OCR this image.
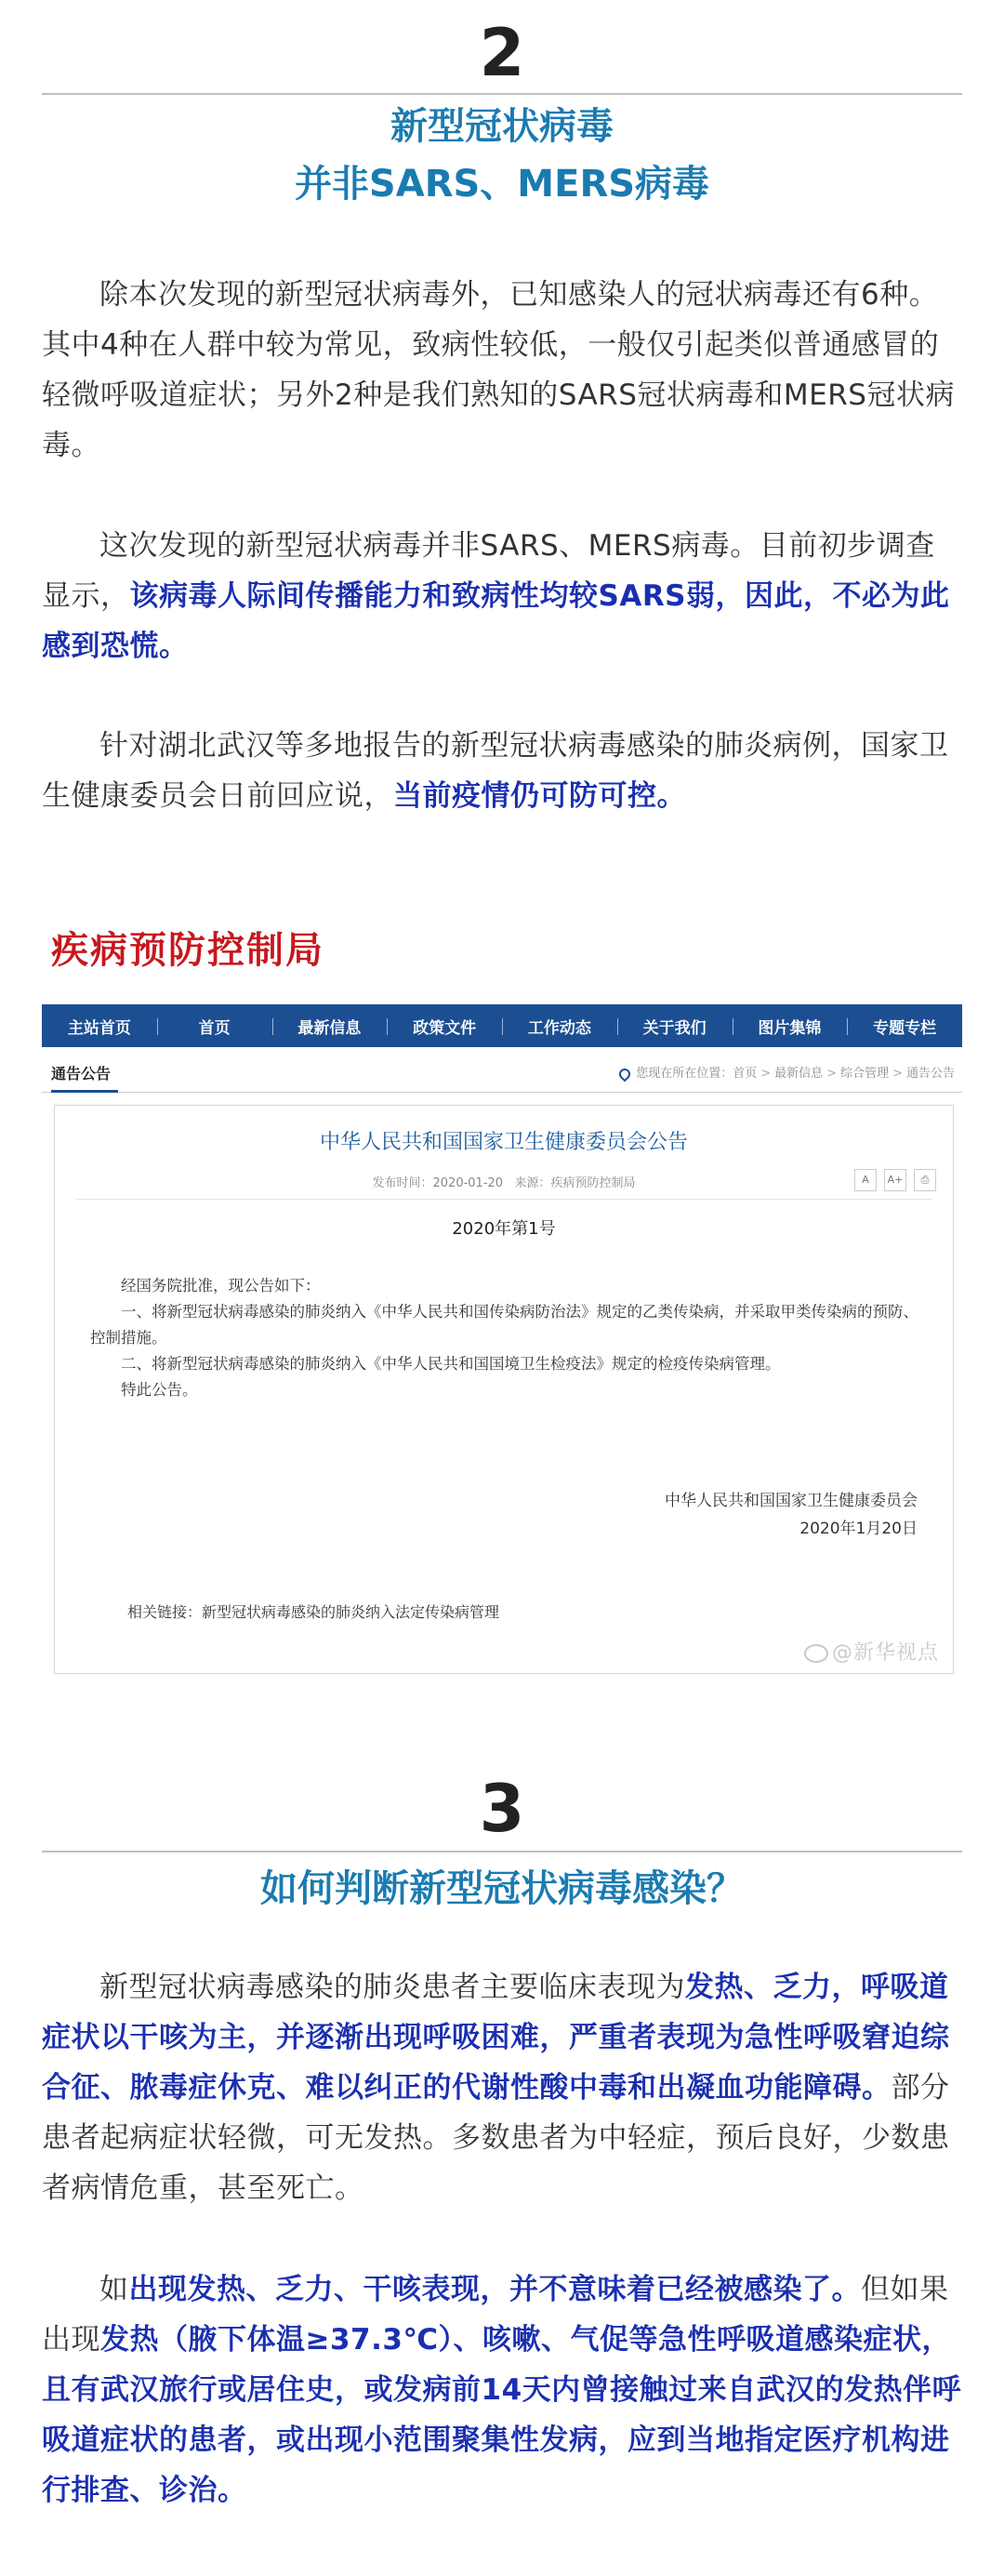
2
新型冠状病毒
并非SARS、MERS病毒
除本次发现的新型冠状病毒外，已知感染人的冠状病毒还有6种。其中4种在人群中较为常见，致病性较低，一般仅引起类似普通感冒的轻微呼吸道症状；另外2种是我们熟知的SARS冠状病毒和MERS冠状病毒。
这次发现的新型冠状病毒并非SARS、MERS病毒。目前初步调查显示，该病毒人际间传播能力和致病性均较SARS弱，因此，不必为此感到恐慌。
针对湖北武汉等多地报告的新型冠状病毒感染的肺炎病例，国家卫生健康委员会日前回应说，当前疫情仍可防可控。
疾病预防控制局
主站首页	首页	最新信息	政策文件	工作动态	关于我们	图片集锦	专题专栏
通告公告	您现在所在位置：首页 > 最新信息 > 综合管理 > 通告公告
中华人民共和国国家卫生健康委员会公告
发布时间：2020-01-20 来源：疾病预防控制局	A	A+	⎙
2020年第1号

经国务院批准，现公告如下：

一、将新型冠状病毒感染的肺炎纳入《中华人民共和国传染病防治法》规定的乙类传染病，并采取甲类传染病的预防、控制措施。

二、将新型冠状病毒感染的肺炎纳入《中华人民共和国国境卫生检疫法》规定的检疫传染病管理。

特此公告。

中华人民共和国国家卫生健康委员会
2020年1月20日
相关链接：新型冠状病毒感染的肺炎纳入法定传染病管理
@新华视点
3
如何判断新型冠状病毒感染？
新型冠状病毒感染的肺炎患者主要临床表现为发热、乏力，呼吸道症状以干咳为主，并逐渐出现呼吸困难，严重者表现为急性呼吸窘迫综合征、脓毒症休克、难以纠正的代谢性酸中毒和出凝血功能障碍。部分患者起病症状轻微，可无发热。多数患者为中轻症，预后良好，少数患者病情危重，甚至死亡。
如出现发热、乏力、干咳表现，并不意味着已经被感染了。但如果出现发热（腋下体温≥37.3℃）、咳嗽、气促等急性呼吸道感染症状，且有武汉旅行或居住史，或发病前14天内曾接触过来自武汉的发热伴呼吸道症状的患者，或出现小范围聚集性发病，应到当地指定医疗机构进行排查、诊治。
